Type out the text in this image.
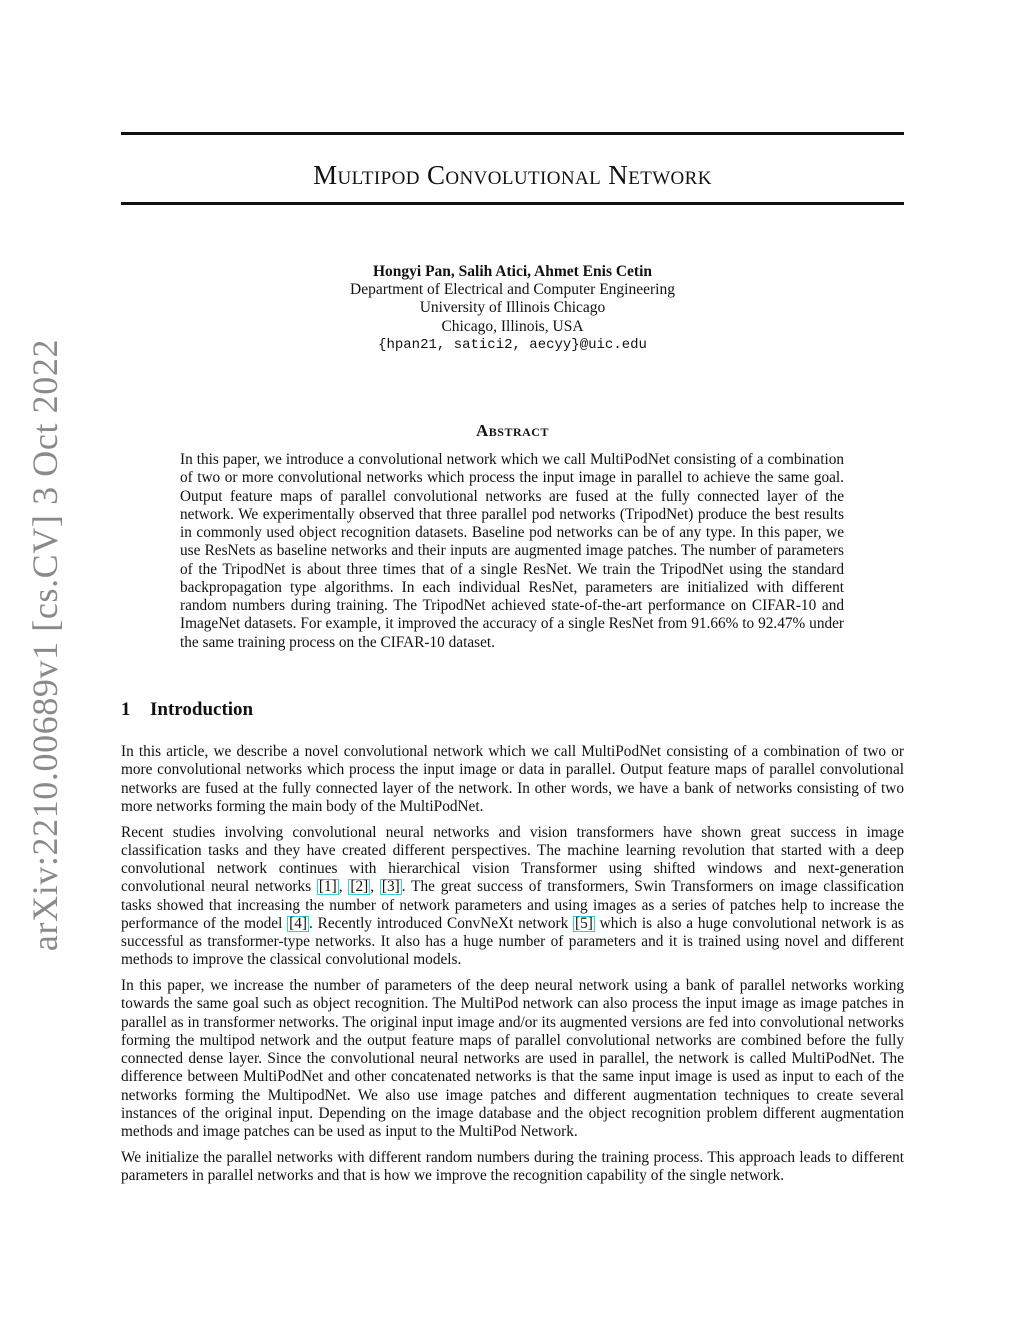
arXiv:2210.00689v1 [cs.CV] 3 Oct 2022
Multipod Convolutional Network
Hongyi Pan, Salih Atici, Ahmet Enis Cetin
Department of Electrical and Computer Engineering
University of Illinois Chicago
Chicago, Illinois, USA
{hpan21, satici2, aecyy}@uic.edu
Abstract
In this paper, we introduce a convolutional network which we call MultiPodNet consisting of a combination of two or more convolutional networks which process the input image in parallel to achieve the same goal. Output feature maps of parallel convolutional networks are fused at the fully connected layer of the network. We experimentally observed that three parallel pod networks (TripodNet) produce the best results in commonly used object recognition datasets. Baseline pod networks can be of any type. In this paper, we use ResNets as baseline networks and their inputs are augmented image patches. The number of parameters of the TripodNet is about three times that of a single ResNet. We train the TripodNet using the standard backpropagation type algorithms. In each individual ResNet, parameters are initialized with different random numbers during training. The TripodNet achieved state-of-the-art performance on CIFAR-10 and ImageNet datasets. For example, it improved the accuracy of a single ResNet from 91.66% to 92.47% under the same training process on the CIFAR-10 dataset.
1 Introduction

In this article, we describe a novel convolutional network which we call MultiPodNet consisting of a combination of two or more convolutional networks which process the input image or data in parallel. Output feature maps of parallel convolutional networks are fused at the fully connected layer of the network. In other words, we have a bank of networks consisting of two more networks forming the main body of the MultiPodNet.

Recent studies involving convolutional neural networks and vision transformers have shown great success in image classification tasks and they have created different perspectives. The machine learning revolution that started with a deep convolutional network continues with hierarchical vision Transformer using shifted windows and next-generation convolutional neural networks [1] , [2] , [3] . The great success of transformers, Swin Transformers on image classification tasks showed that increasing the number of network parameters and using images as a series of patches help to increase the performance of the model [4] . Recently introduced ConvNeXt network [5] which is also a huge convolutional network is as successful as transformer-type networks. It also has a huge number of parameters and it is trained using novel and different methods to improve the classical convolutional models.

In this paper, we increase the number of parameters of the deep neural network using a bank of parallel networks working towards the same goal such as object recognition. The MultiPod network can also process the input image as image patches in parallel as in transformer networks. The original input image and/or its augmented versions are fed into convolutional networks forming the multipod network and the output feature maps of parallel convolutional networks are combined before the fully connected dense layer. Since the convolutional neural networks are used in parallel, the network is called MultiPodNet. The difference between MultiPodNet and other concatenated networks is that the same input image is used as input to each of the networks forming the MultipodNet. We also use image patches and different augmentation techniques to create several instances of the original input. Depending on the image database and the object recognition problem different augmentation methods and image patches can be used as input to the MultiPod Network.

We initialize the parallel networks with different random numbers during the training process. This approach leads to different parameters in parallel networks and that is how we improve the recognition capability of the single network.
